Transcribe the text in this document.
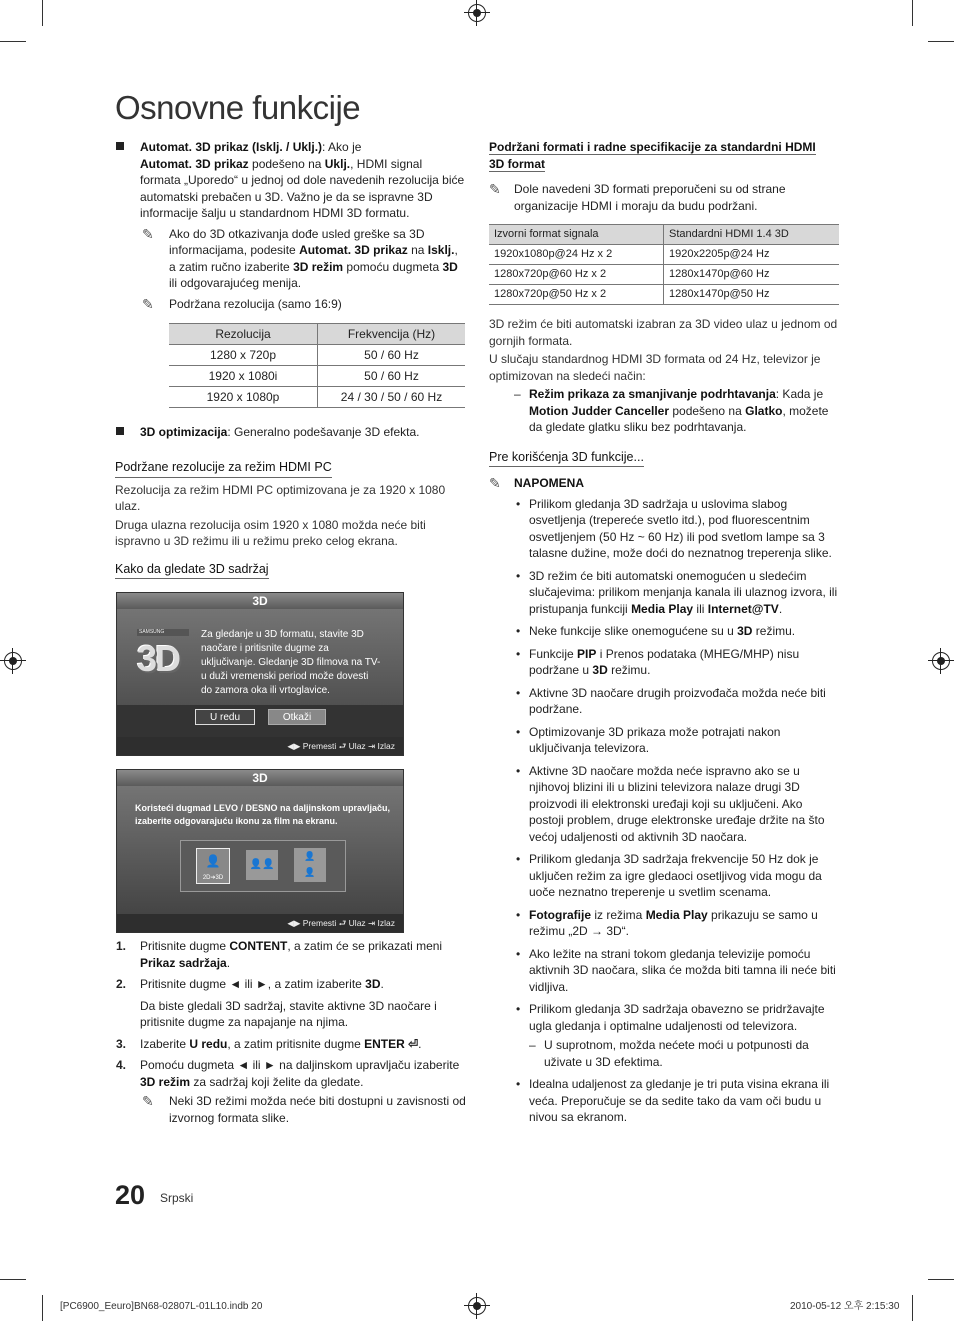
Osnovne funkcije

Automat. 3D prikaz (Isklj. / Uklj.): Ako je
Automat. 3D prikaz podešeno na Uklj., HDMI signal formata „Uporedo“ u jednoj od dole navedenih rezolucija biće automatski prebačen u 3D. Važno je da se ispravne 3D informacije šalju u standardnom HDMI 3D formatu.

✎ Ako do 3D otkazivanja dođe usled greške sa 3D informacijama, podesite Automat. 3D prikaz na Isklj., a zatim ručno izaberite 3D režim pomoću dugmeta 3D ili odgovarajućeg menija.

✎ Podržana rezolucija (samo 16:9)

Rezolucija	Frekvencija (Hz)
1280 x 720p	50 / 60 Hz
1920 x 1080i	50 / 60 Hz
1920 x 1080p	24 / 30 / 50 / 60 Hz

3D optimizacija: Generalno podešavanje 3D efekta.

Podržane rezolucije za režim HDMI PC

Rezolucija za režim HDMI PC optimizovana je za 1920 x 1080 ulaz.

Druga ulazna rezolucija osim 1920 x 1080 možda neće biti ispravno u 3D režimu ili u režimu preko celog ekrana.

Kako da gledate 3D sadržaj
3D
SAMSUNG
3D
Za gledanje u 3D formatu, stavite 3D naočare i pritisnite dugme za uključivanje. Gledanje 3D filmova na TV-u duži vremenski period može dovesti do zamora oka ili vrtoglavice.
U redu	Otkaži
◀▶ Premesti ⮐ Ulaz ⇥ Izlaz
3D
Koristeći dugmad LEVO / DESNO na daljinskom upravljaču, izaberite odgovarajuću ikonu za film na ekranu.
👤
2D➔3D
👤👤
👤
👤
◀▶ Premesti ⮐ Ulaz ⇥ Izlaz
1. Pritisnite dugme CONTENT, a zatim će se prikazati meni Prikaz sadržaja.

2. Pritisnite dugme ◄ ili ►, a zatim izaberite 3D.

Da biste gledali 3D sadržaj, stavite aktivne 3D naočare i pritisnite dugme za napajanje na njima.

3. Izaberite U redu, a zatim pritisnite dugme ENTER ⏎.

4. Pomoću dugmeta ◄ ili ► na daljinskom upravljaču izaberite 3D režim za sadržaj koji želite da gledate.

✎ Neki 3D režimi možda neće biti dostupni u zavisnosti od izvornog formata slike.

Podržani formati i radne specifikacije za standardni HDMI 3D format

✎ Dole navedeni 3D formati preporučeni su od strane organizacije HDMI i moraju da budu podržani.

Izvorni format signala	Standardni HDMI 1.4 3D
1920x1080p@24 Hz x 2	1920x2205p@24 Hz
1280x720p@60 Hz x 2	1280x1470p@60 Hz
1280x720p@50 Hz x 2	1280x1470p@50 Hz

3D režim će biti automatski izabran za 3D video ulaz u jednom od gornjih formata.

U slučaju standardnog HDMI 3D formata od 24 Hz, televizor je optimizovan na sledeći način:

– Režim prikaza za smanjivanje podrhtavanja: Kada je Motion Judder Canceller podešeno na Glatko, možete da gledate glatku sliku bez podrhtavanja.

Pre korišćenja 3D funkcije...
✎ NAPOMENA
• Prilikom gledanja 3D sadržaja u uslovima slabog osvetljenja (trepereće svetlo itd.), pod fluorescentnim osvetljenjem (50 Hz ~ 60 Hz) ili pod svetlom lampe sa 3 talasne dužine, može doći do neznatnog treperenja slike.

• 3D režim će biti automatski onemogućen u sledećim slučajevima: prilikom menjanja kanala ili ulaznog izvora, ili pristupanja funkciji Media Play ili Internet@TV.

• Neke funkcije slike onemogućene su u 3D režimu.

• Funkcije PIP i Prenos podataka (MHEG/MHP) nisu podržane u 3D režimu.

• Aktivne 3D naočare drugih proizvođača možda neće biti podržane.

• Optimizovanje 3D prikaza može potrajati nakon uključivanja televizora.

• Aktivne 3D naočare možda neće ispravno ako se u njihovoj blizini ili u blizini televizora nalaze drugi 3D proizvodi ili elektronski uređaji koji su uključeni. Ako postoji problem, druge elektronske uređaje držite na što većoj udaljenosti od aktivnih 3D naočara.

• Prilikom gledanja 3D sadržaja frekvencije 50 Hz dok je uključen režim za igre gledaoci osetljivog vida mogu da uoče neznatno treperenje u svetlim scenama.

• Fotografije iz režima Media Play prikazuju se samo u režimu „2D → 3D“.

• Ako ležite na strani tokom gledanja televizije pomoću aktivnih 3D naočara, slika će možda biti tamna ili neće biti vidljiva.

• Prilikom gledanja 3D sadržaja obavezno se pridržavajte ugla gledanja i optimalne udaljenosti od televizora.

– U suprotnom, možda nećete moći u potpunosti da uživate u 3D efektima.

• Idealna udaljenost za gledanje je tri puta visina ekrana ili veća. Preporučuje se da sedite tako da vam oči budu u nivou sa ekranom.

20 Srpski
[PC6900_Eeuro]BN68-02807L-01L10.indb 20	2010-05-12 오후 2:15:30
